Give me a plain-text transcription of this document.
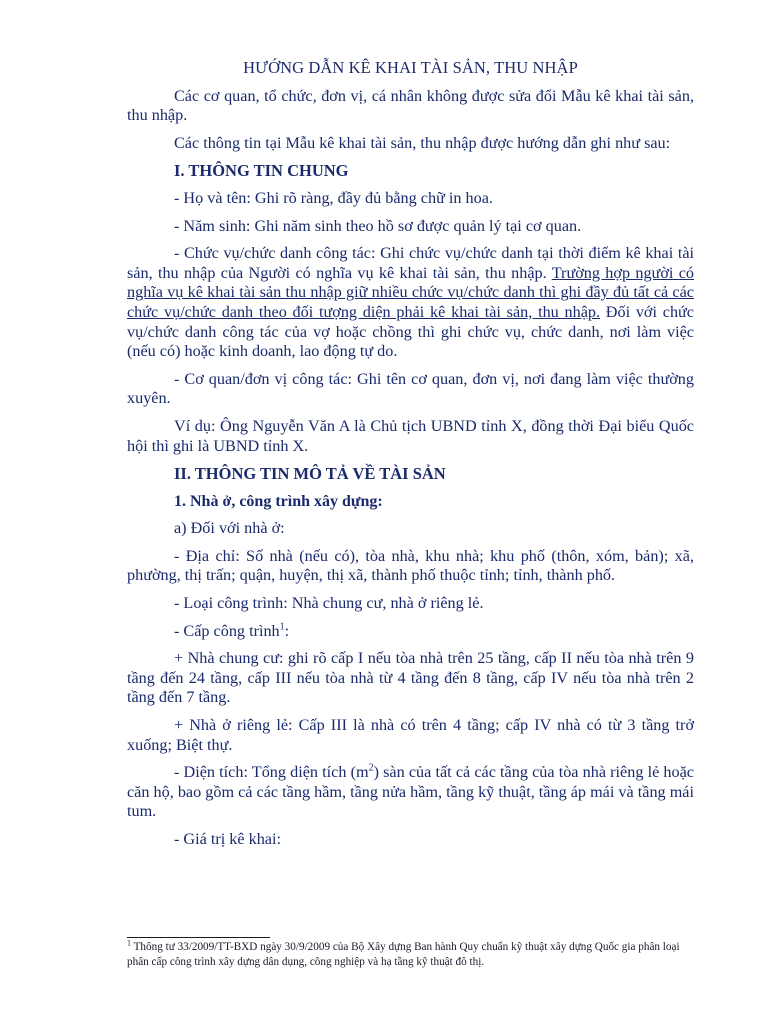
HƯỚNG DẪN KÊ KHAI TÀI SẢN, THU NHẬP

Các cơ quan, tổ chức, đơn vị, cá nhân không được sửa đổi Mẫu kê khai tài sản, thu nhập.

Các thông tin tại Mẫu kê khai tài sản, thu nhập được hướng dẫn ghi như sau:

I. THÔNG TIN CHUNG

- Họ và tên: Ghi rõ ràng, đầy đủ bằng chữ in hoa.

- Năm sinh: Ghi năm sinh theo hồ sơ được quản lý tại cơ quan.

- Chức vụ/chức danh công tác: Ghi chức vụ/chức danh tại thời điểm kê khai tài sản, thu nhập của Người có nghĩa vụ kê khai tài sản, thu nhập. Trường hợp người có nghĩa vụ kê khai tài sản thu nhập giữ nhiều chức vụ/chức danh thì ghi đầy đủ tất cả các chức vụ/chức danh theo đối tượng diện phải kê khai tài sản, thu nhập. Đối với chức vụ/chức danh công tác của vợ hoặc chồng thì ghi chức vụ, chức danh, nơi làm việc (nếu có) hoặc kinh doanh, lao động tự do.

- Cơ quan/đơn vị công tác: Ghi tên cơ quan, đơn vị, nơi đang làm việc thường xuyên.

Ví dụ: Ông Nguyễn Văn A là Chủ tịch UBND tỉnh X, đồng thời Đại biểu Quốc hội thì ghi là UBND tỉnh X.

II. THÔNG TIN MÔ TẢ VỀ TÀI SẢN

1. Nhà ở, công trình xây dựng:

a) Đối với nhà ở:

- Địa chỉ: Số nhà (nếu có), tòa nhà, khu nhà; khu phố (thôn, xóm, bản); xã, phường, thị trấn; quận, huyện, thị xã, thành phố thuộc tỉnh; tỉnh, thành phố.

- Loại công trình: Nhà chung cư, nhà ở riêng lẻ.

- Cấp công trình$^1$:

+ Nhà chung cư: ghi rõ cấp I nếu tòa nhà trên 25 tầng, cấp II nếu tòa nhà trên 9 tầng đến 24 tầng, cấp III nếu tòa nhà từ 4 tầng đến 8 tầng, cấp IV nếu tòa nhà trên 2 tầng đến 7 tầng.

+ Nhà ở riêng lẻ: Cấp III là nhà có trên 4 tầng; cấp IV nhà có từ 3 tầng trở xuống; Biệt thự.

- Diện tích: Tổng diện tích $(m^2)$ sàn của tất cả các tầng của tòa nhà riêng lẻ hoặc căn hộ, bao gồm cả các tầng hầm, tầng nửa hầm, tầng kỹ thuật, tầng áp mái và tầng mái tum.

- Giá trị kê khai:

$^1$ Thông tư 33/2009/TT-BXD ngày 30/9/2009 của Bộ Xây dựng Ban hành Quy chuẩn kỹ thuật xây dựng Quốc gia phân loại phân cấp công trình xây dựng dân dụng, công nghiệp và hạ tầng kỹ thuật đô thị.
